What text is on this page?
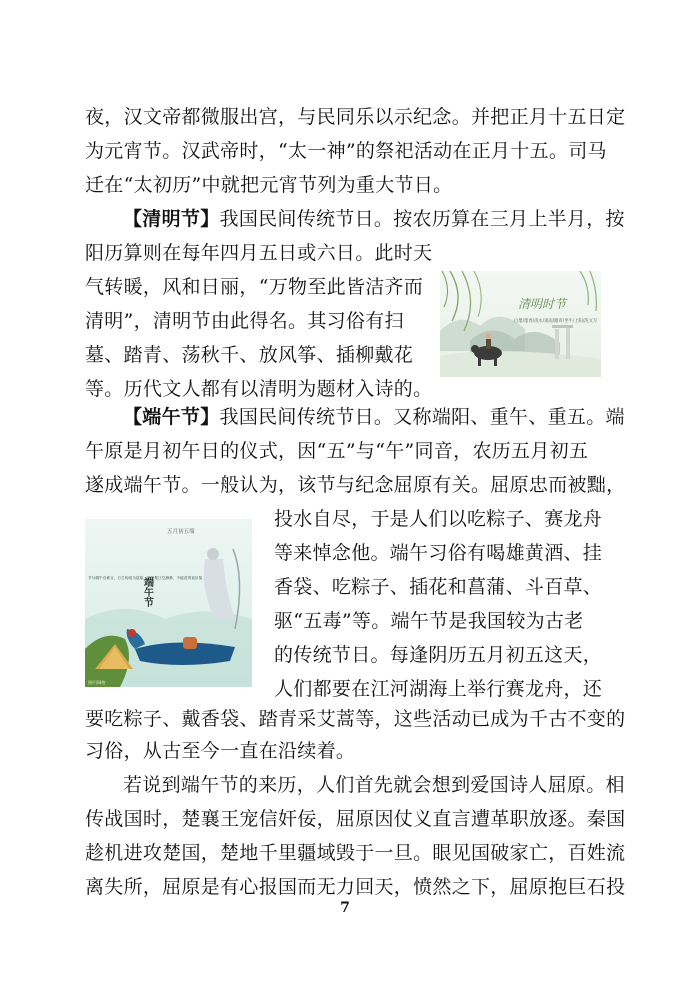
夜，汉文帝都微服出宫，与民同乐以示纪念。并把正月十五日定
为元宵节。汉武帝时，“太一神”的祭祀活动在正月十五。司马
迁在“太初历”中就把元宵节列为重大节日。
【清明节】我国民间传统节日。按农历算在三月上半月，按
阳历算则在每年四月五日或六日。此时天
气转暖，风和日丽，“万物至此皆洁齐而
清明”，清明节由此得名。其习俗有扫
墓、踏青、荡秋千、放风筝、插柳戴花
等。历代文人都有以清明为题材入诗的。
【端午节】我国民间传统节日。又称端阳、重午、重五。端
午原是月初午日的仪式，因“五”与“午”同音，农历五月初五
遂成端午节。一般认为，该节与纪念屈原有关。屈原忠而被黜，
投水自尽，于是人们以吃粽子、赛龙舟
等来悼念他。端午习俗有喝雄黄酒、挂
香袋、吃粽子、插花和菖蒲、斗百草、
驱“五毒”等。端午节是我国较为古老
的传统节日。每逢阴历五月初五这天，
人们都要在江河湖海上举行赛龙舟，还
要吃粽子、戴香袋、踏青采艾蒿等，这些活动已成为千古不变的
习俗，从古至今一直在沿续着。
若说到端午节的来历，人们首先就会想到爱国诗人屈原。相
传战国时，楚襄王宠信奸佞，屈原因仗义直言遭革职放逐。秦国
趁机进攻楚国，楚地千里疆域毁于一旦。眼见国破家亡，百姓流
离失所，屈原是有心报国而无力回天，愤然之下，屈原抱巨石投
清明时节
白墨/墨香/清水/谈雨/踏青/坐牛/上阳/洗文写
五月初五端
端午节
节分端午自谁言，万古传闻为屈原，堪笑楚江空渺渺，不能洗得直臣冤
图片/网络
7
